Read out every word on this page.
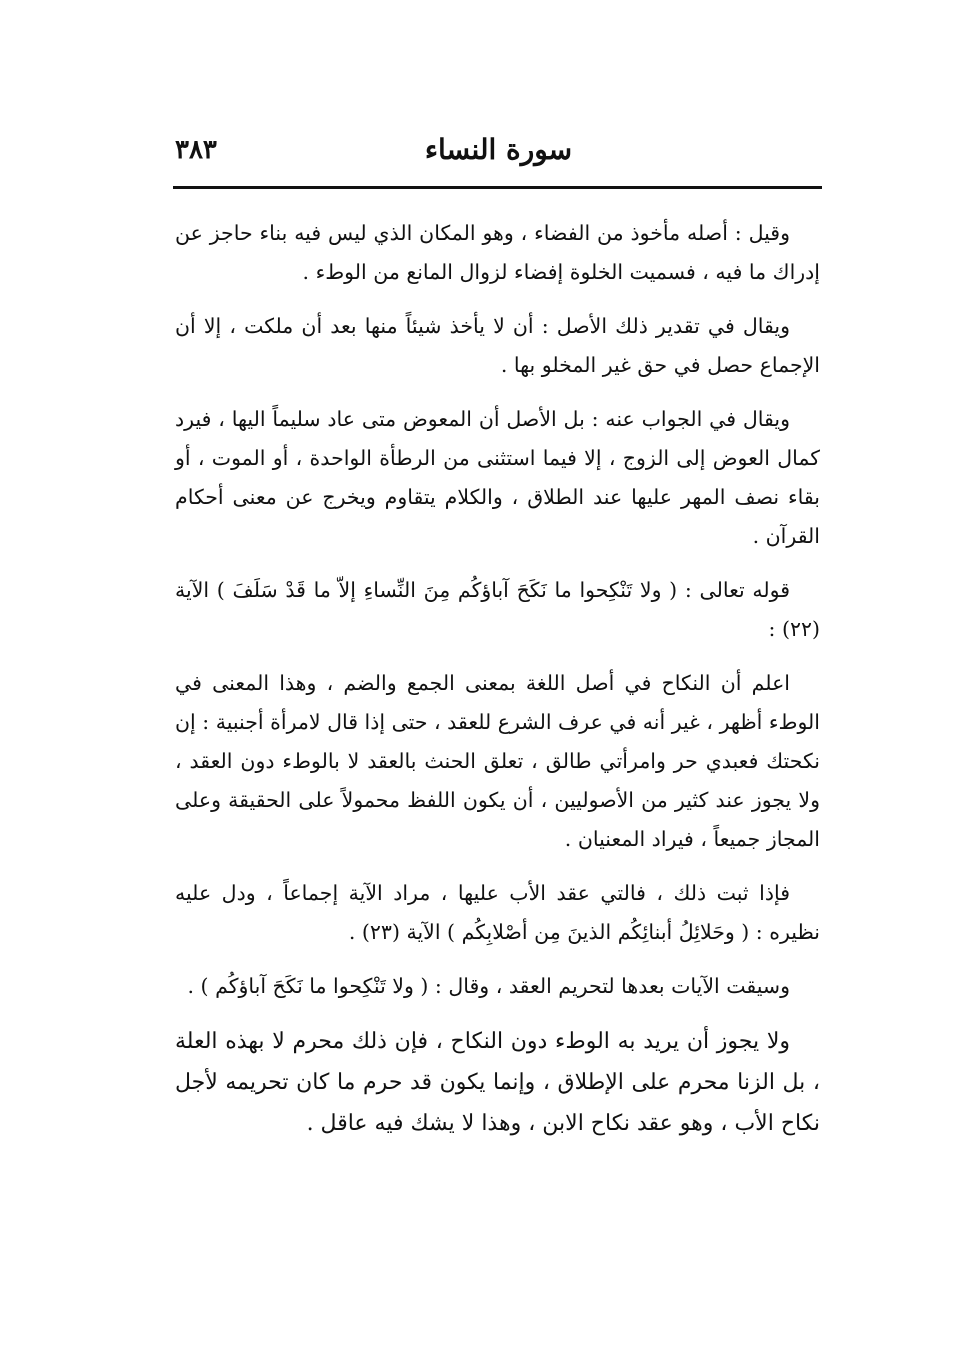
سورة النساء
٣٨٣

وقيل : أصله مأخوذ من الفضاء ، وهو المكان الذي ليس فيه بناء حاجز عن إدراك ما فيه ، فسميت الخلوة إفضاء لزوال المانع من الوطء .

ويقال في تقدير ذلك الأصل : أن لا يأخذ شيئاً منها بعد أن ملكت ، إلا أن الإجماع حصل في حق غير المخلو بها .

ويقال في الجواب عنه : بل الأصل أن المعوض متى عاد سليماً اليها ، فيرد كمال العوض إلى الزوج ، إلا فيما استثنى من الرطأة الواحدة ، أو الموت ، أو بقاء نصف المهر عليها عند الطلاق ، والكلام يتقاوم ويخرج عن معنى أحكام القرآن .

قوله تعالى : ( ولا تَنْكِحوا ما نَكَحَ آباؤكُم مِنَ النِّساءِ إلاّ ما قَدْ سَلَفَ ) الآية (٢٢) :

اعلم أن النكاح في أصل اللغة بمعنى الجمع والضم ، وهذا المعنى في الوطء أظهر ، غير أنه في عرف الشرع للعقد ، حتى إذا قال لامرأة أجنبية : إن نكحتك فعبدي حر وامرأتي طالق ، تعلق الحنث بالعقد لا بالوطء دون العقد ، ولا يجوز عند كثير من الأصوليين ، أن يكون اللفظ محمولاً على الحقيقة وعلى المجاز جميعاً ، فيراد المعنيان .

فإذا ثبت ذلك ، فالتي عقد الأب عليها ، مراد الآية إجماعاً ، ودل عليه نظيره : ( وحَلائِلُ أبنائِكُم الذينَ مِن أصْلابِكُم ) الآية (٢٣) .

وسيقت الآيات بعدها لتحريم العقد ، وقال : ( ولا تَنْكِحوا ما نَكَحَ آباؤكُم ) .

ولا يجوز أن يريد به الوطء دون النكاح ، فإن ذلك محرم لا بهذه العلة ، بل الزنا محرم على الإطلاق ، وإنما يكون قد حرم ما كان تحريمه لأجل نكاح الأب ، وهو عقد نكاح الابن ، وهذا لا يشك فيه عاقل .
